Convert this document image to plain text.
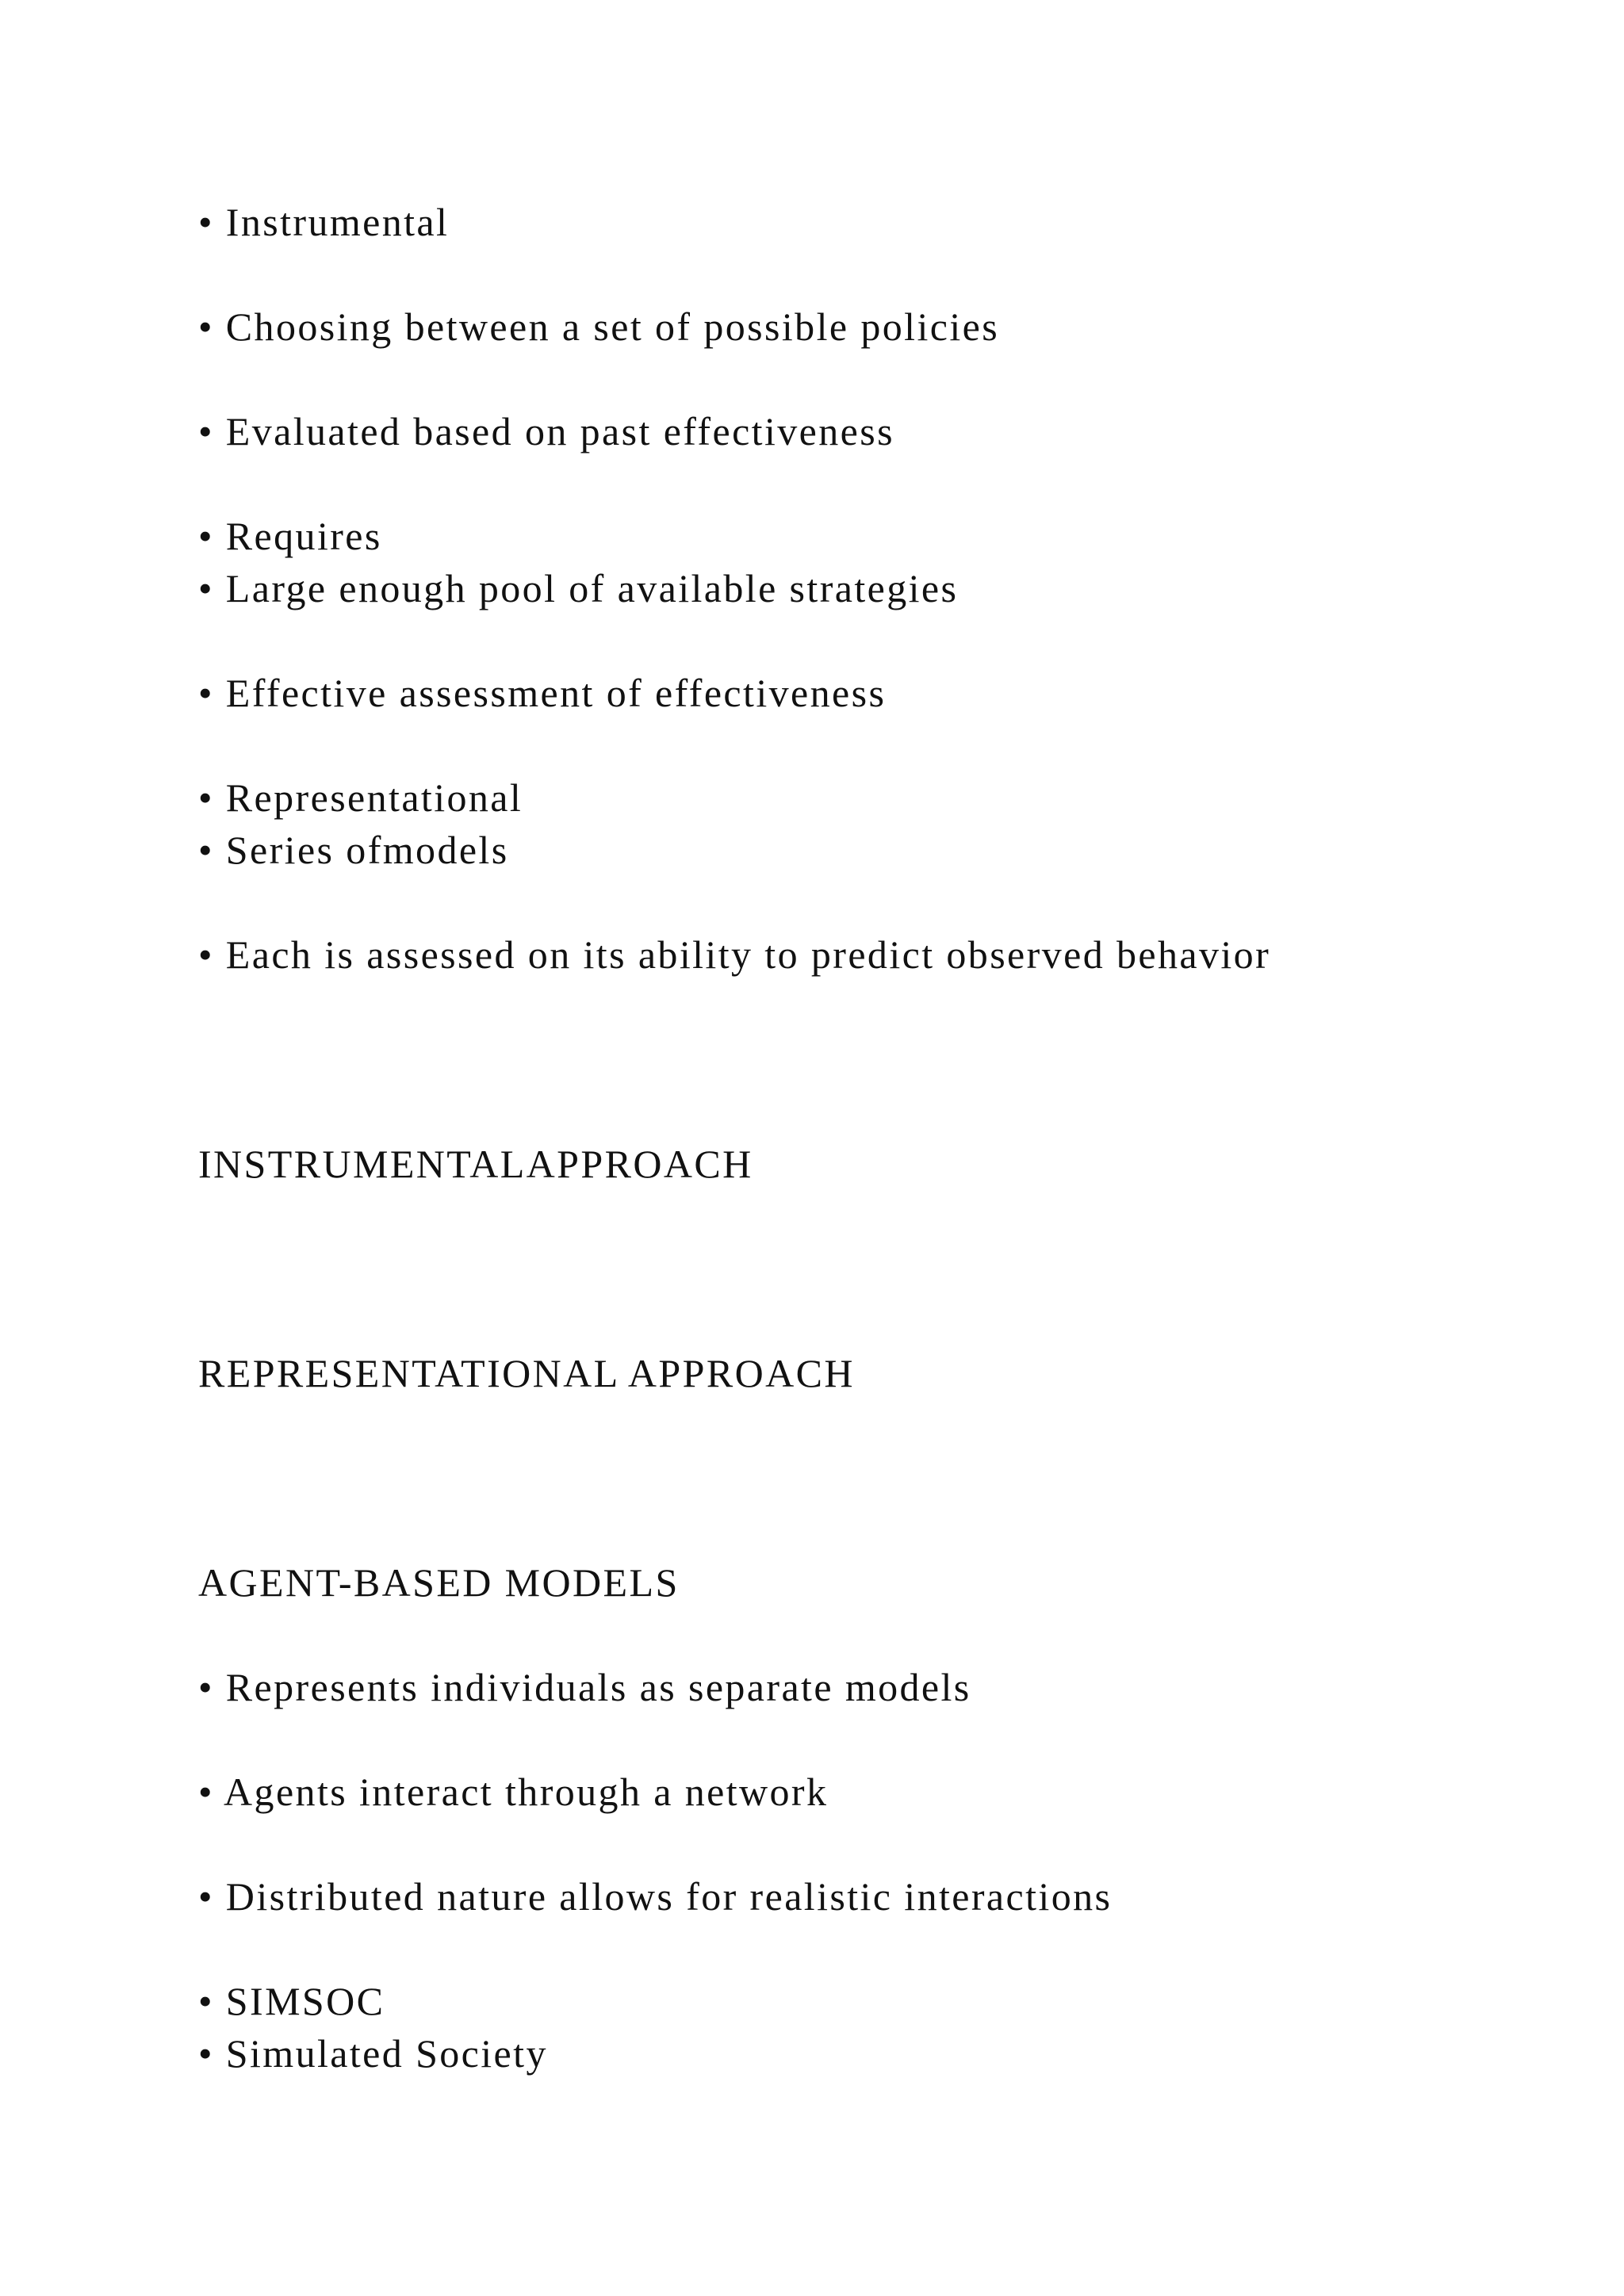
• Instrumental
• Choosing between a set of possible policies
• Evaluated based on past effectiveness
• Requires
• Large enough pool of available strategies
• Effective assessment of effectiveness
• Representational
• Series ofmodels
• Each is assessed on its ability to predict observed behavior
INSTRUMENTALAPPROACH
REPRESENTATIONAL APPROACH
AGENT-BASED MODELS
• Represents individuals as separate models
• Agents interact through a network
• Distributed nature allows for realistic interactions
• SIMSOC
• Simulated Society
